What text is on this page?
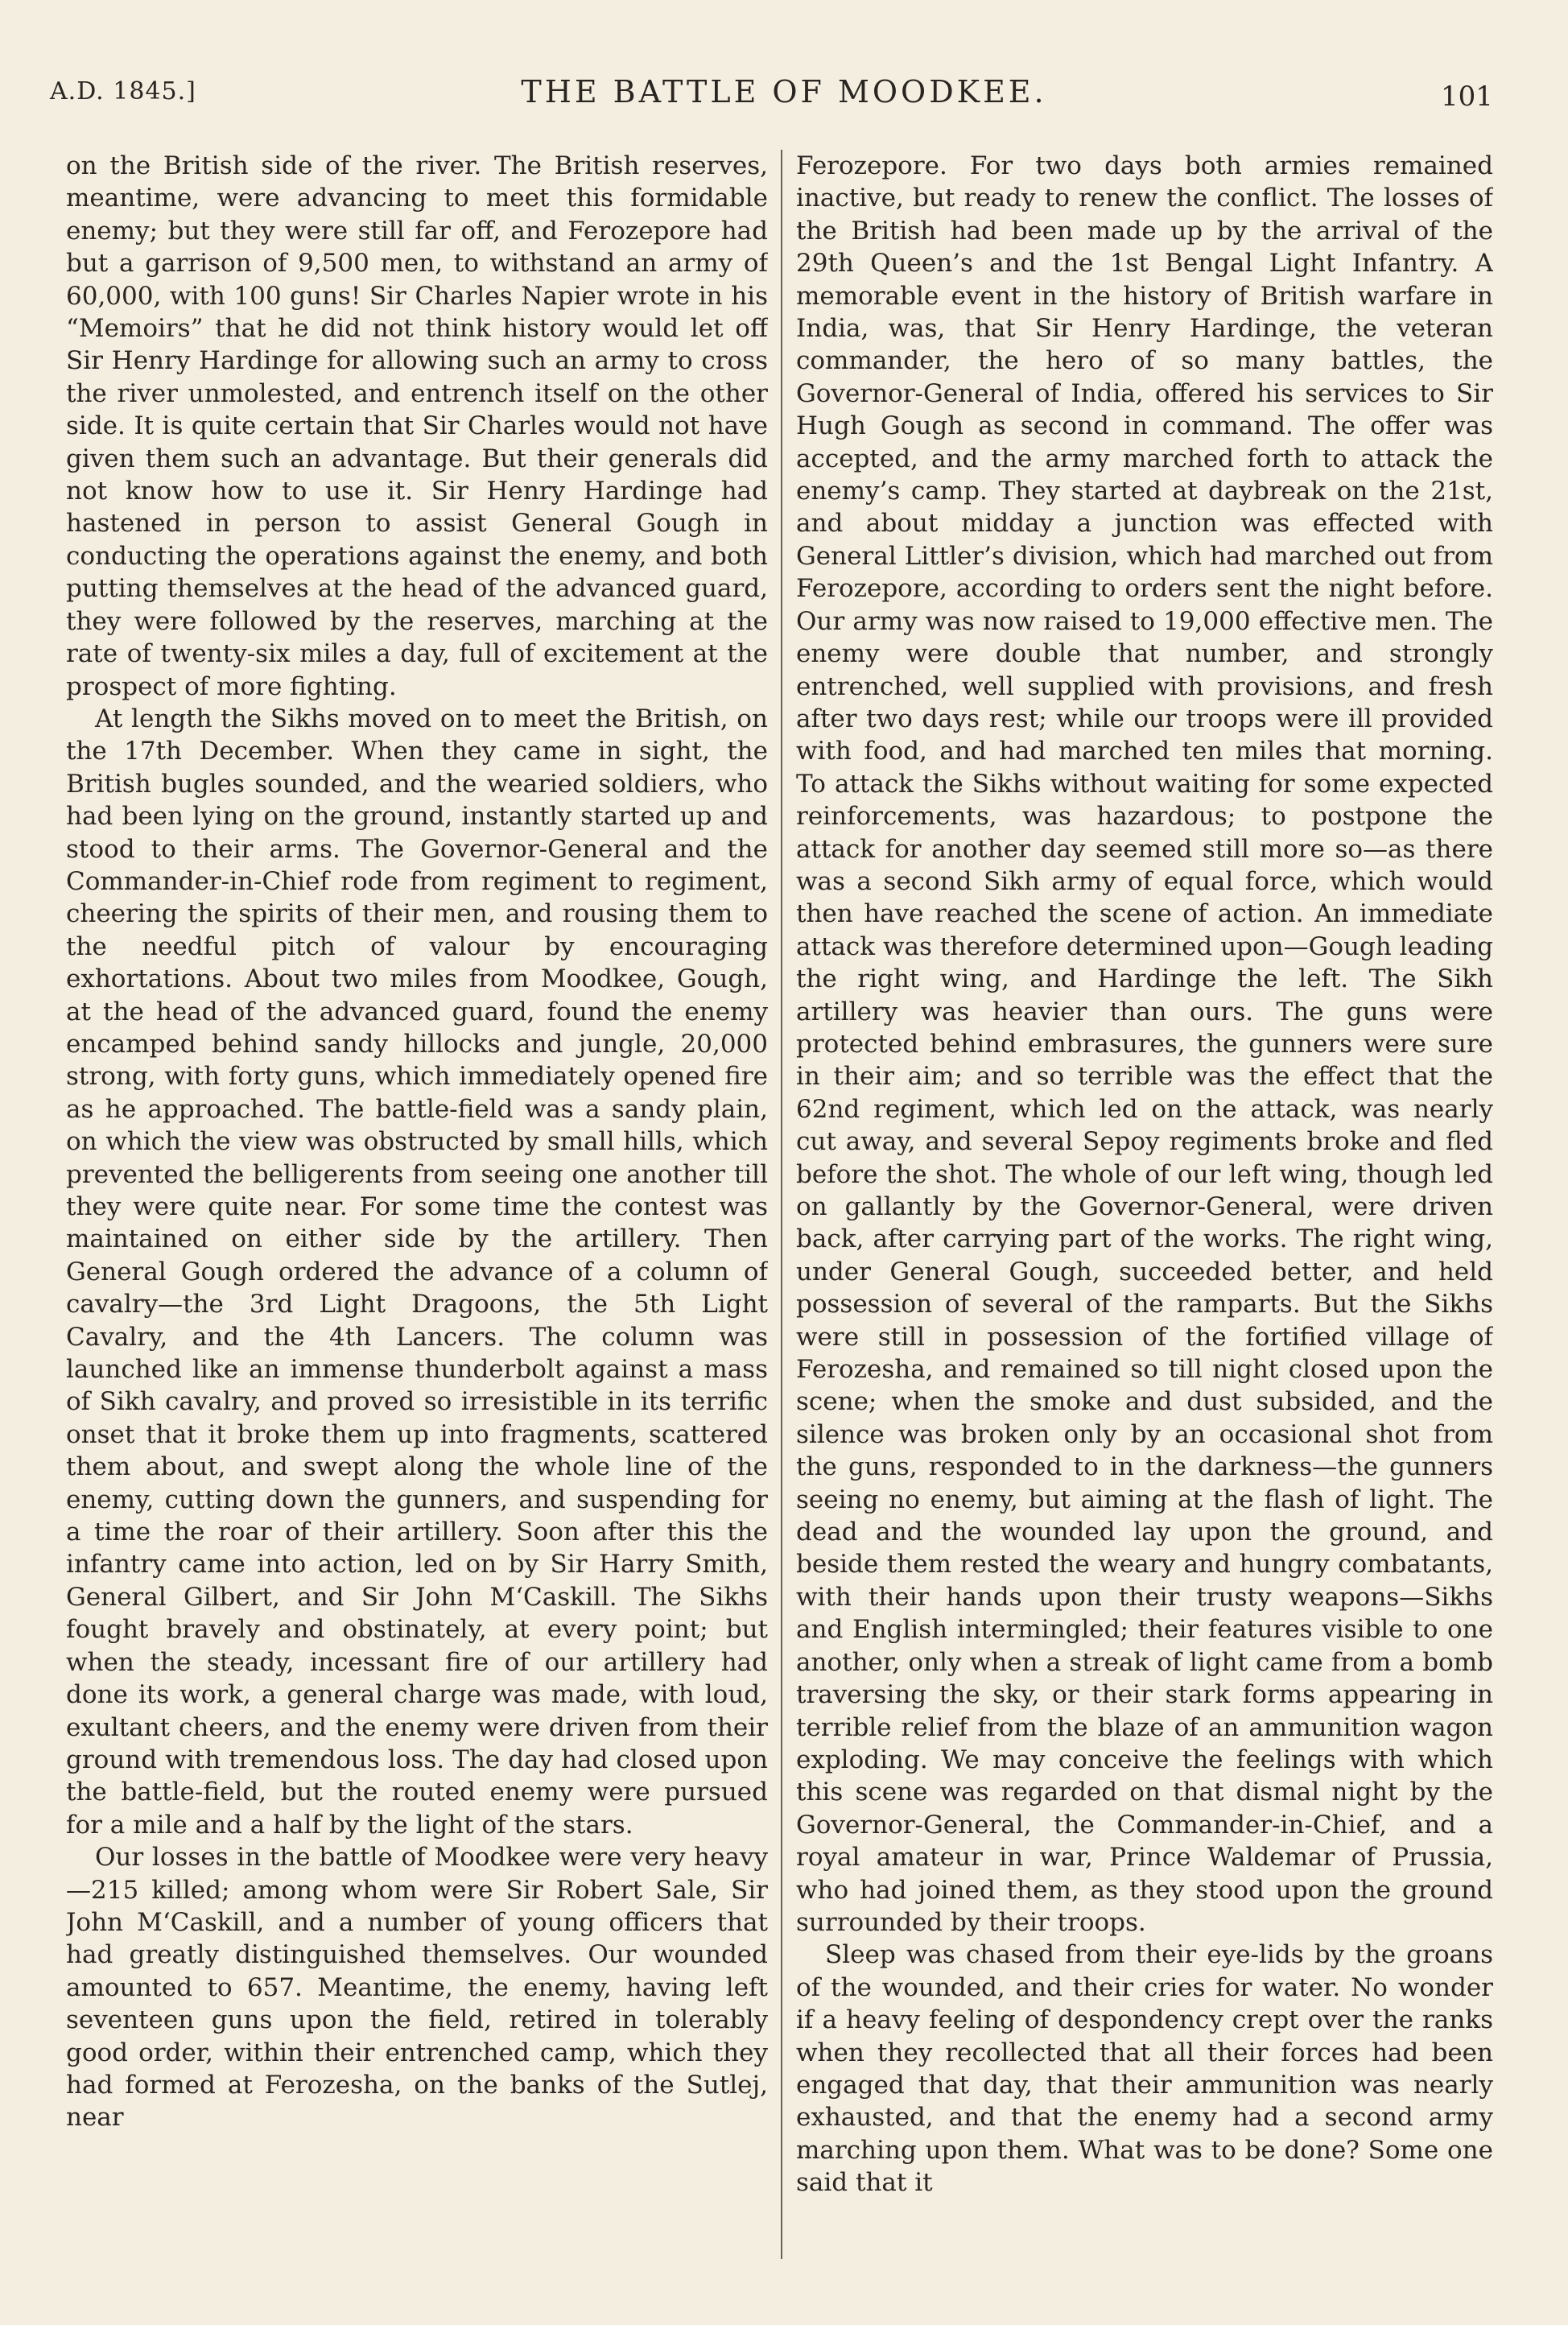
A.D. 1845.]	THE BATTLE OF MOODKEE.	101

on the British side of the river. The British reserves, meantime, were advancing to meet this formidable enemy; but they were still far off, and Ferozepore had but a garrison of 9,500 men, to withstand an army of 60,000, with 100 guns! Sir Charles Napier wrote in his “Memoirs” that he did not think history would let off Sir Henry Hardinge for allowing such an army to cross the river unmolested, and entrench itself on the other side. It is quite certain that Sir Charles would not have given them such an advantage. But their generals did not know how to use it. Sir Henry Hardinge had hastened in person to assist General Gough in conducting the operations against the enemy, and both putting themselves at the head of the advanced guard, they were followed by the reserves, marching at the rate of twenty-six miles a day, full of excitement at the prospect of more fighting.

At length the Sikhs moved on to meet the British, on the 17th December. When they came in sight, the British bugles sounded, and the wearied soldiers, who had been lying on the ground, instantly started up and stood to their arms. The Governor-General and the Commander-in-Chief rode from regiment to regiment, cheering the spirits of their men, and rousing them to the needful pitch of valour by encouraging exhortations. About two miles from Moodkee, Gough, at the head of the advanced guard, found the enemy encamped behind sandy hillocks and jungle, 20,000 strong, with forty guns, which immediately opened fire as he approached. The battle-field was a sandy plain, on which the view was obstructed by small hills, which prevented the belligerents from seeing one another till they were quite near. For some time the contest was maintained on either side by the artillery. Then General Gough ordered the advance of a column of cavalry—the 3rd Light Dragoons, the 5th Light Cavalry, and the 4th Lancers. The column was launched like an immense thunderbolt against a mass of Sikh cavalry, and proved so irresistible in its terrific onset that it broke them up into fragments, scattered them about, and swept along the whole line of the enemy, cutting down the gunners, and suspending for a time the roar of their artillery. Soon after this the infantry came into action, led on by Sir Harry Smith, General Gilbert, and Sir John M‘Caskill. The Sikhs fought bravely and obstinately, at every point; but when the steady, incessant fire of our artillery had done its work, a general charge was made, with loud, exultant cheers, and the enemy were driven from their ground with tremendous loss. The day had closed upon the battle-field, but the routed enemy were pursued for a mile and a half by the light of the stars.

Our losses in the battle of Moodkee were very heavy—215 killed; among whom were Sir Robert Sale, Sir John M‘Caskill, and a number of young officers that had greatly distinguished themselves. Our wounded amounted to 657. Meantime, the enemy, having left seventeen guns upon the field, retired in tolerably good order, within their entrenched camp, which they had formed at Ferozesha, on the banks of the Sutlej, near

Ferozepore. For two days both armies remained inactive, but ready to renew the conflict. The losses of the British had been made up by the arrival of the 29th Queen’s and the 1st Bengal Light Infantry. A memorable event in the history of British warfare in India, was, that Sir Henry Hardinge, the veteran commander, the hero of so many battles, the Governor-General of India, offered his services to Sir Hugh Gough as second in command. The offer was accepted, and the army marched forth to attack the enemy’s camp. They started at daybreak on the 21st, and about midday a junction was effected with General Littler’s division, which had marched out from Ferozepore, according to orders sent the night before. Our army was now raised to 19,000 effective men. The enemy were double that number, and strongly entrenched, well supplied with provisions, and fresh after two days rest; while our troops were ill provided with food, and had marched ten miles that morning. To attack the Sikhs without waiting for some expected reinforcements, was hazardous; to postpone the attack for another day seemed still more so—as there was a second Sikh army of equal force, which would then have reached the scene of action. An immediate attack was therefore determined upon—Gough leading the right wing, and Hardinge the left. The Sikh artillery was heavier than ours. The guns were protected behind embrasures, the gunners were sure in their aim; and so terrible was the effect that the 62nd regiment, which led on the attack, was nearly cut away, and several Sepoy regiments broke and fled before the shot. The whole of our left wing, though led on gallantly by the Governor-General, were driven back, after carrying part of the works. The right wing, under General Gough, succeeded better, and held possession of several of the ramparts. But the Sikhs were still in possession of the fortified village of Ferozesha, and remained so till night closed upon the scene; when the smoke and dust subsided, and the silence was broken only by an occasional shot from the guns, responded to in the darkness—the gunners seeing no enemy, but aiming at the flash of light. The dead and the wounded lay upon the ground, and beside them rested the weary and hungry combatants, with their hands upon their trusty weapons—Sikhs and English intermingled; their features visible to one another, only when a streak of light came from a bomb traversing the sky, or their stark forms appearing in terrible relief from the blaze of an ammunition wagon exploding. We may conceive the feelings with which this scene was regarded on that dismal night by the Governor-General, the Commander-in-Chief, and a royal amateur in war, Prince Waldemar of Prussia, who had joined them, as they stood upon the ground surrounded by their troops.

Sleep was chased from their eye-lids by the groans of the wounded, and their cries for water. No wonder if a heavy feeling of despondency crept over the ranks when they recollected that all their forces had been engaged that day, that their ammunition was nearly exhausted, and that the enemy had a second army marching upon them. What was to be done? Some one said that it
